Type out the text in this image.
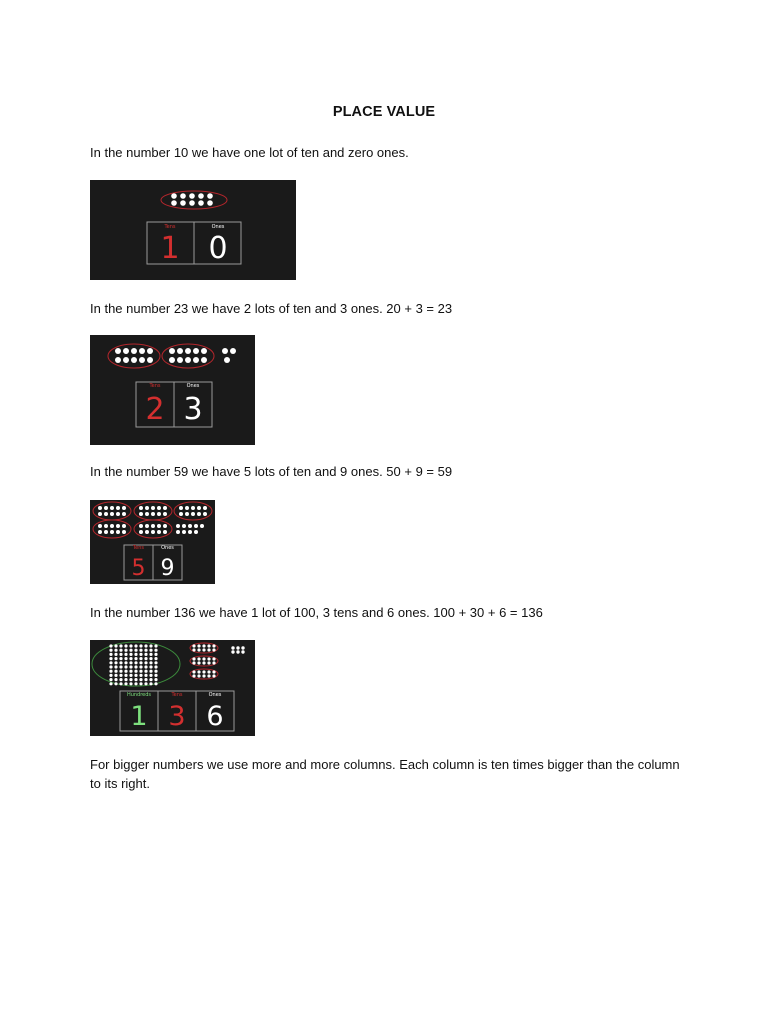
PLACE VALUE
In the number 10 we have one lot of ten and zero ones.
Tens	Ones
1 0
In the number 23 we have 2 lots of ten and 3 ones. 20 + 3 = 23
Tens	Ones
2 3
In the number 59 we have 5 lots of ten and 9 ones. 50 + 9 = 59
Tens	Ones
5 9
In the number 136 we have 1 lot of 100, 3 tens and 6 ones. 100 + 30 + 6 = 136
Hundreds	Tens	Ones
1 3 6
For bigger numbers we use more and more columns. Each column is ten times bigger than the column to its right.
